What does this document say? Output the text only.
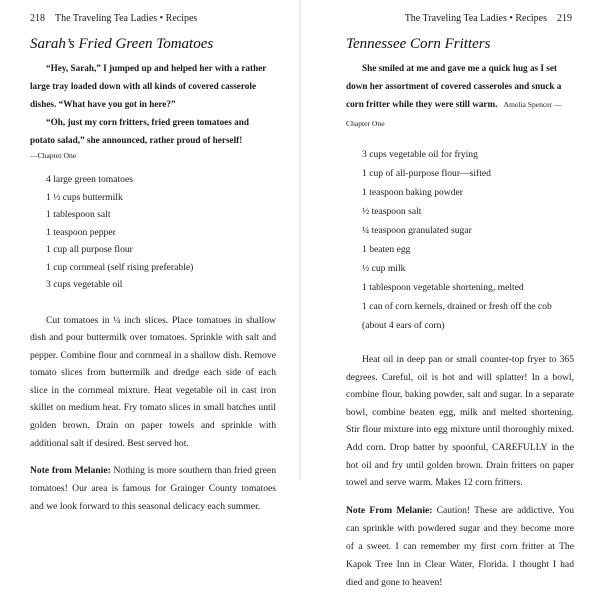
218 The Traveling Tea Ladies • Recipes
Sarah’s Fried Green Tomatoes

“Hey, Sarah,” I jumped up and helped her with a rather large tray loaded down with all kinds of covered casserole dishes. “What have you got in here?”

“Oh, just my corn fritters, fried green tomatoes and potato salad,” she announced, rather proud of herself!

—Chapter One

4 large green tomatoes
1 ½ cups buttermilk
1 tablespoon salt
1 teaspoon pepper
1 cup all purpose flour
1 cup cornmeal (self rising preferable)
3 cups vegetable oil

Cut tomatoes in ¼ inch slices. Place tomatoes in shallow dish and pour buttermilk over tomatoes. Sprinkle with salt and pepper. Combine flour and cornmeal in a shallow dish. Remove tomato slices from buttermilk and dredge each side of each slice in the cornmeal mixture. Heat vegetable oil in cast iron skillet on medium heat. Fry tomato slices in small batches until golden brown. Drain on paper towels and sprinkle with additional salt if desired. Best served hot.

Note from Melanie: Nothing is more southern than fried green tomatoes! Our area is famous for Grainger County tomatoes and we look forward to this seasonal delicacy each summer.

The Traveling Tea Ladies • Recipes 219
Tennessee Corn Fritters

She smiled at me and gave me a quick hug as I set down her assortment of covered casseroles and snuck a corn fritter while they were still warm. Amelia Spencer —Chapter One

3 cups vegetable oil for frying
1 cup of all-purpose flour—sifted
1 teaspoon baking powder
½ teaspoon salt
¼ teaspoon granulated sugar
1 beaten egg
½ cup milk
1 tablespoon vegetable shortening, melted
1 can of corn kernels, drained or fresh off the cob
(about 4 ears of corn)

Heat oil in deep pan or small counter-top fryer to 365 degrees. Careful, oil is hot and will splatter! In a bowl, combine flour, baking powder, salt and sugar. In a separate bowl, combine beaten egg, milk and melted shortening. Stir flour mixture into egg mixture until thoroughly mixed. Add corn. Drop batter by spoonful, CAREFULLY in the hot oil and fry until golden brown. Drain fritters on paper towel and serve warm. Makes 12 corn fritters.

Note From Melanie: Caution! These are addictive. You can sprinkle with powdered sugar and they become more of a sweet. I can remember my first corn fritter at The Kapok Tree Inn in Clear Water, Florida. I thought I had died and gone to heaven!
